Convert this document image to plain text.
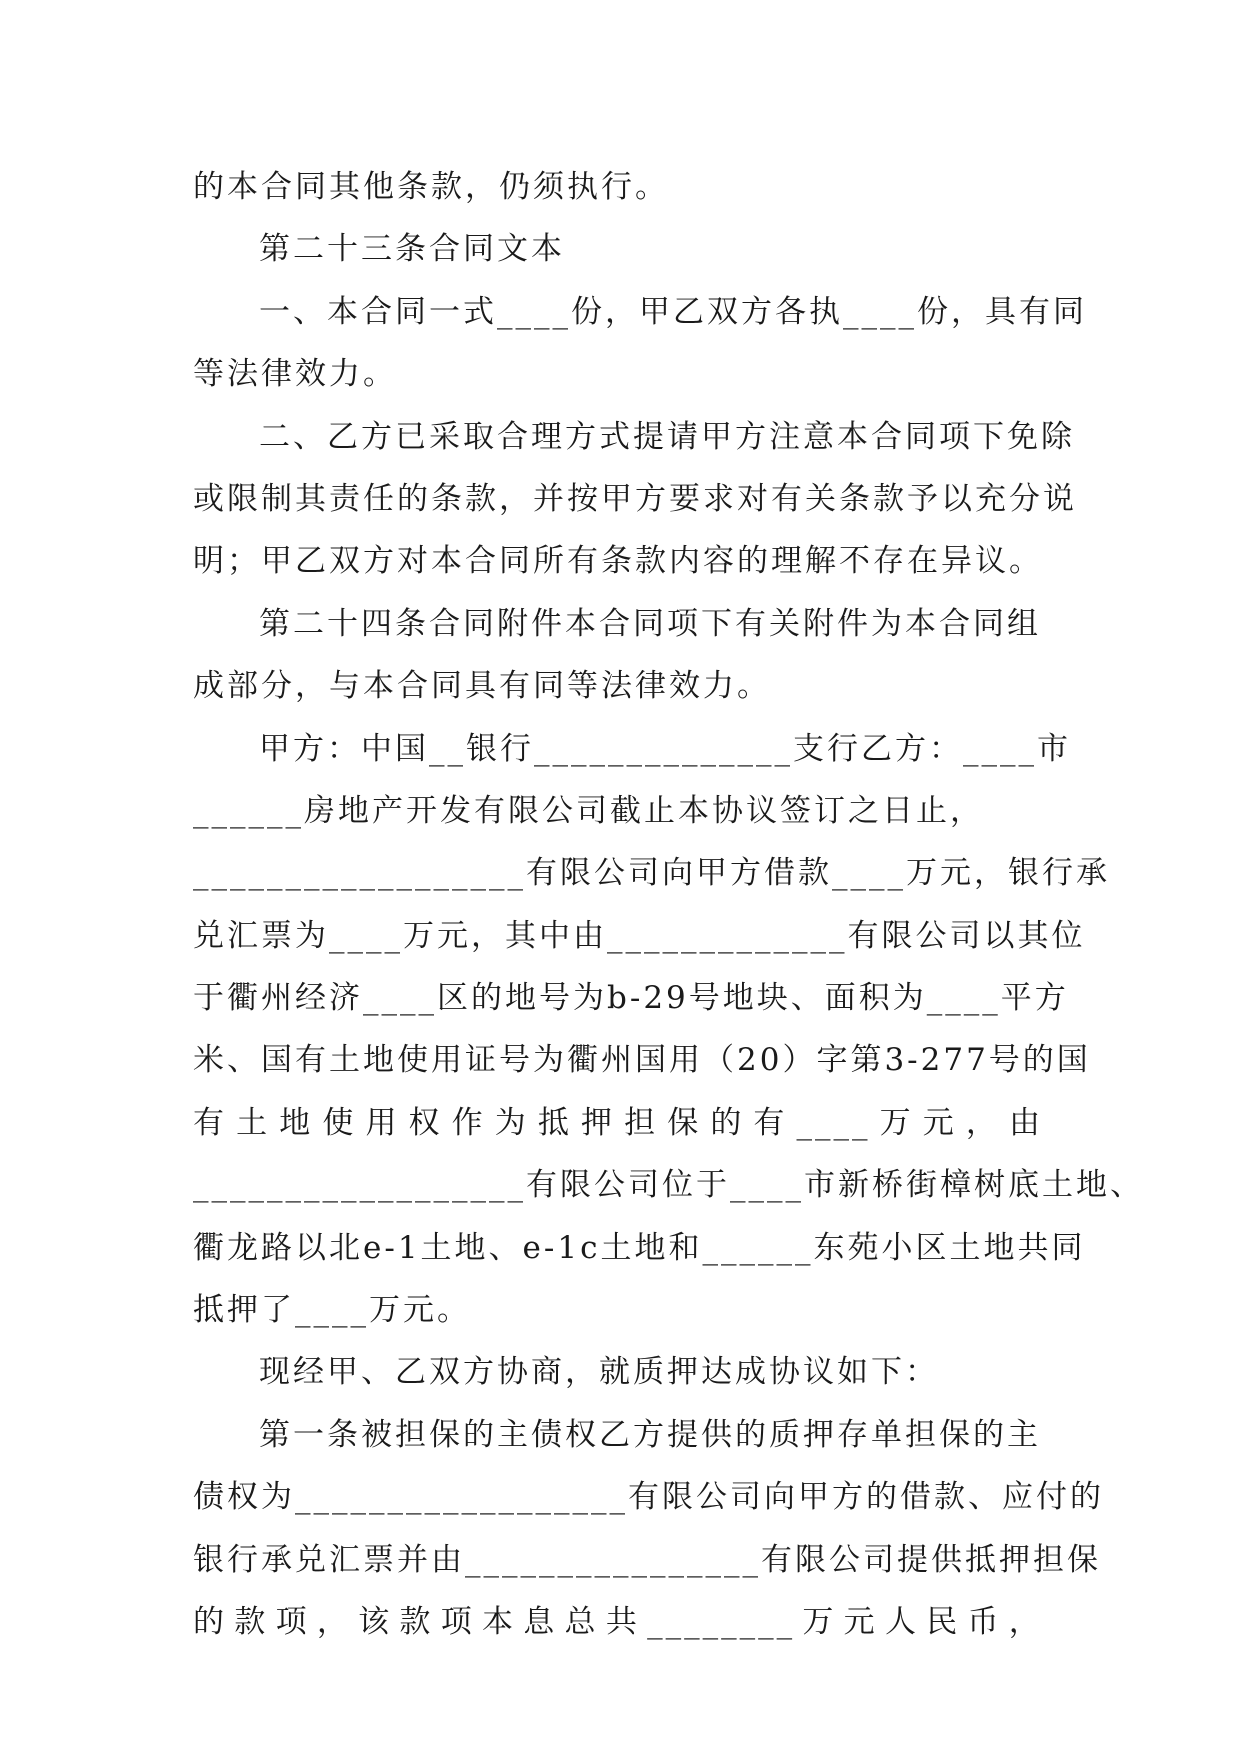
的本合同其他条款，仍须执行。
第二十三条合同文本
一、本合同一式____份，甲乙双方各执____份，具有同
等法律效力。
二、乙方已采取合理方式提请甲方注意本合同项下免除
或限制其责任的条款，并按甲方要求对有关条款予以充分说
明；甲乙双方对本合同所有条款内容的理解不存在异议。
第二十四条合同附件本合同项下有关附件为本合同组
成部分，与本合同具有同等法律效力。
甲方：中国__银行______________支行乙方：____市
______房地产开发有限公司截止本协议签订之日止，
__________________有限公司向甲方借款____万元，银行承
兑汇票为____万元，其中由_____________有限公司以其位
于衢州经济____区的地号为b-29号地块、面积为____平方
米、国有土地使用证号为衢州国用（20）字第3-277号的国
有 土 地 使 用 权 作 为 抵 押 担 保 的 有 ____ 万 元 ， 由
__________________有限公司位于____市新桥街樟树底土地、
衢龙路以北e-1土地、e-1c土地和______东苑小区土地共同
抵押了____万元。
现经甲、乙双方协商，就质押达成协议如下：
第一条被担保的主债权乙方提供的质押存单担保的主
债权为__________________有限公司向甲方的借款、应付的
银行承兑汇票并由________________有限公司提供抵押担保
的 款 项 ， 该 款 项 本 息 总 共 ________ 万 元 人 民 币 ，
